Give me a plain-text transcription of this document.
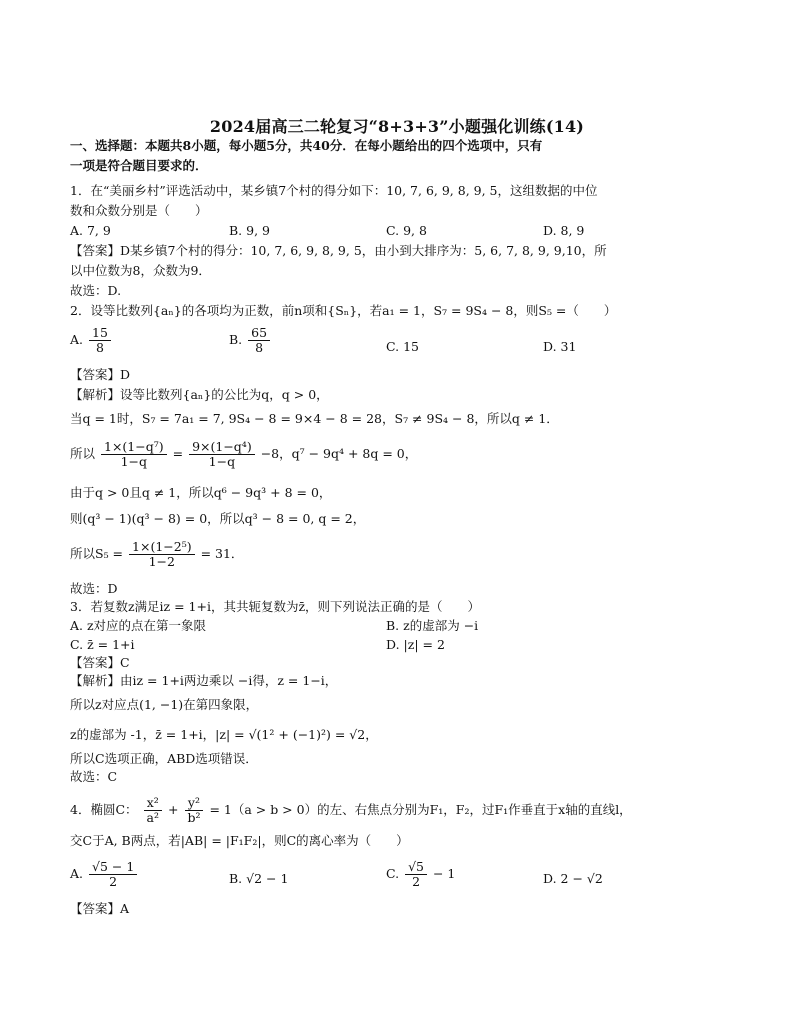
2024届高三二轮复习“8+3+3”小题强化训练(14)
一、选择题：本题共8小题，每小题5分，共40分．在每小题给出的四个选项中，只有
一项是符合题目要求的．
1．在“美丽乡村”评选活动中，某乡镇7个村的得分如下：10, 7, 6, 9, 8, 9, 5，这组数据的中位
数和众数分别是（　　）
A. 7, 9	B. 9, 9	C. 9, 8	D. 8, 9
【答案】D某乡镇7个村的得分：10, 7, 6, 9, 8, 9, 5，由小到大排序为：5, 6, 7, 8, 9, 9,10，所
以中位数为8，众数为9．
故选：D.
2．设等比数列{aₙ}的各项均为正数，前n项和{Sₙ}，若a₁ = 1，S₇ = 9S₄ − 8，则S₅ =（　　）
A. $\frac{15}{8}$	B. $\frac{65}{8}$	C. 15	D. 31
【答案】D
【解析】设等比数列{aₙ}的公比为q，q > 0，
当q = 1时，S₇ = 7a₁ = 7, 9S₄ − 8 = 9×4 − 8 = 28，S₇ ≠ 9S₄ − 8，所以q ≠ 1．
所以 $\frac{\text{1×(1−q⁷)}}{1-q} = \frac{\text{9×(1−q⁴)}}{1-q} -8$，q⁷ − 9q⁴ + 8q = 0，
由于q > 0且q ≠ 1，所以q⁶ − 9q³ + 8 = 0，
则(q³ − 1)(q³ − 8) = 0，所以q³ − 8 = 0, q = 2，
所以$S_5 = \frac{\text{1×(1−2⁵)}}{1-2} = 31$．
故选：D
3．若复数z满足iz = 1+i，其共轭复数为z̄，则下列说法正确的是（　　）
A. z对应的点在第一象限	B. z的虚部为 −i
C. z̄ = 1+i	D. |z| = 2
【答案】C
【解析】由iz = 1+i两边乘以 −i得，z = 1−i，
所以z对应点(1, −1)在第四象限，
z的虚部为 -1，z̄ = 1+i，|z| = √(1² + (−1)²) = √2，
所以C选项正确，ABD选项错误．
故选：C
4．椭圆C： $\frac{\text{x²}}{\text{a²}} + \frac{\text{y²}}{\text{b²}} = 1(a > b > 0)$的左、右焦点分别为F₁，F₂，过F₁作垂直于x轴的直线l，
交C于A, B两点，若|AB| = |F₁F₂|，则C的离心率为（　　）
A. $\frac{√5 - 1}{2}$	B. √2 − 1	C. $\frac{√5}{2} - 1$	D. 2 − √2
【答案】A
